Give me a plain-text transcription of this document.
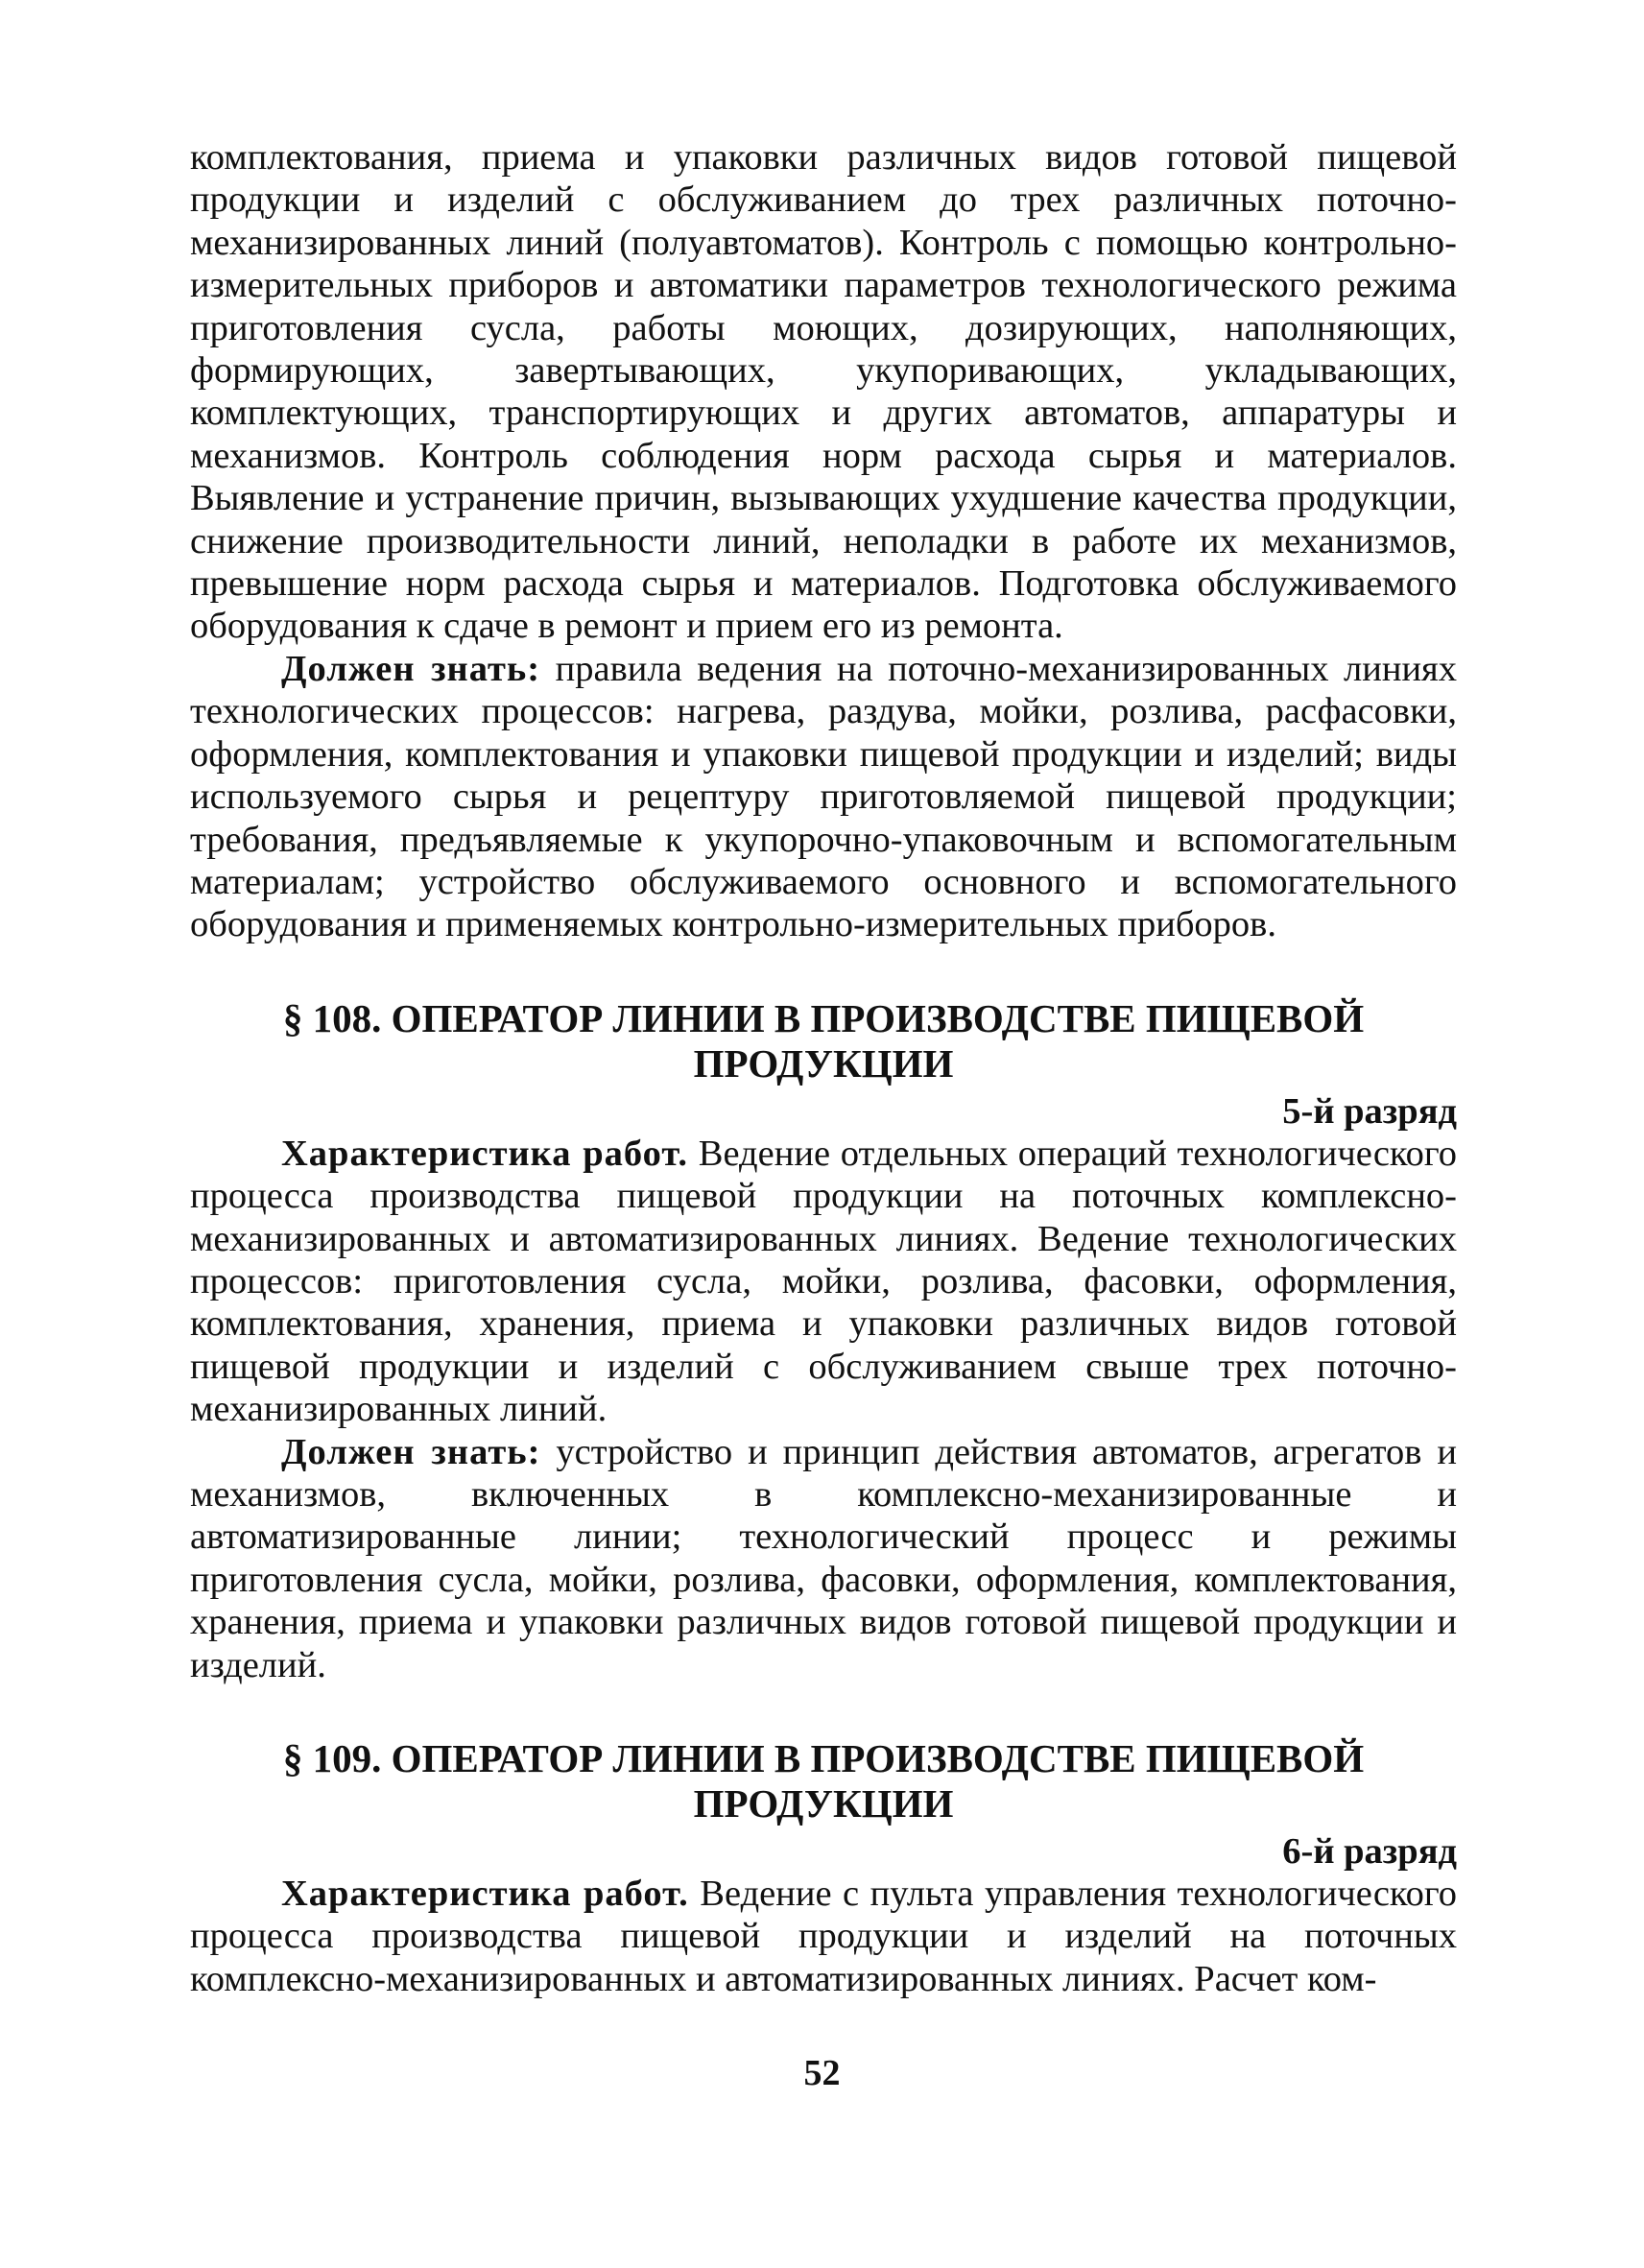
комплектования, приема и упаковки различных видов готовой пищевой продукции и изделий с обслуживанием до трех различных поточно-механизированных линий (полуавтоматов). Контроль с помощью контрольно-измерительных приборов и автоматики параметров технологического режима приготовления сусла, работы моющих, дозирующих, наполняющих, формирующих, завертывающих, укупоривающих, укладывающих, комплектующих, транспортирующих и других автоматов, аппаратуры и механизмов. Контроль соблюдения норм расхода сырья и материалов. Выявление и устранение причин, вызывающих ухудшение качества продукции, снижение производительности линий, неполадки в работе их механизмов, превышение норм расхода сырья и материалов. Подготовка обслуживаемого оборудования к сдаче в ремонт и прием его из ремонта.

Должен знать: правила ведения на поточно-механизированных линиях технологических процессов: нагрева, раздува, мойки, розлива, расфасовки, оформления, комплектования и упаковки пищевой продукции и изделий; виды используемого сырья и рецептуру приготовляемой пищевой продукции; требования, предъявляемые к укупорочно-упаковочным и вспомогательным материалам; устройство обслуживаемого основного и вспомогательного оборудования и применяемых контрольно-измерительных приборов.

§ 108. ОПЕРАТОР ЛИНИИ В ПРОИЗВОДСТВЕ ПИЩЕВОЙ
ПРОДУКЦИИ

5-й разряд

Характеристика работ. Ведение отдельных операций технологического процесса производства пищевой продукции на поточных комплексно-механизированных и автоматизированных линиях. Ведение технологических процессов: приготовления сусла, мойки, розлива, фасовки, оформления, комплектования, хранения, приема и упаковки различных видов готовой пищевой продукции и изделий с обслуживанием свыше трех поточно-механизированных линий.

Должен знать: устройство и принцип действия автоматов, агрегатов и механизмов, включенных в комплексно-механизированные и автоматизированные линии; технологический процесс и режимы приготовления сусла, мойки, розлива, фасовки, оформления, комплектования, хранения, приема и упаковки различных видов готовой пищевой продукции и изделий.

§ 109. ОПЕРАТОР ЛИНИИ В ПРОИЗВОДСТВЕ ПИЩЕВОЙ
ПРОДУКЦИИ

6-й разряд

Характеристика работ. Ведение с пульта управления технологического процесса производства пищевой продукции и изделий на поточных комплексно-механизированных и автоматизированных линиях. Расчет ком-

52
